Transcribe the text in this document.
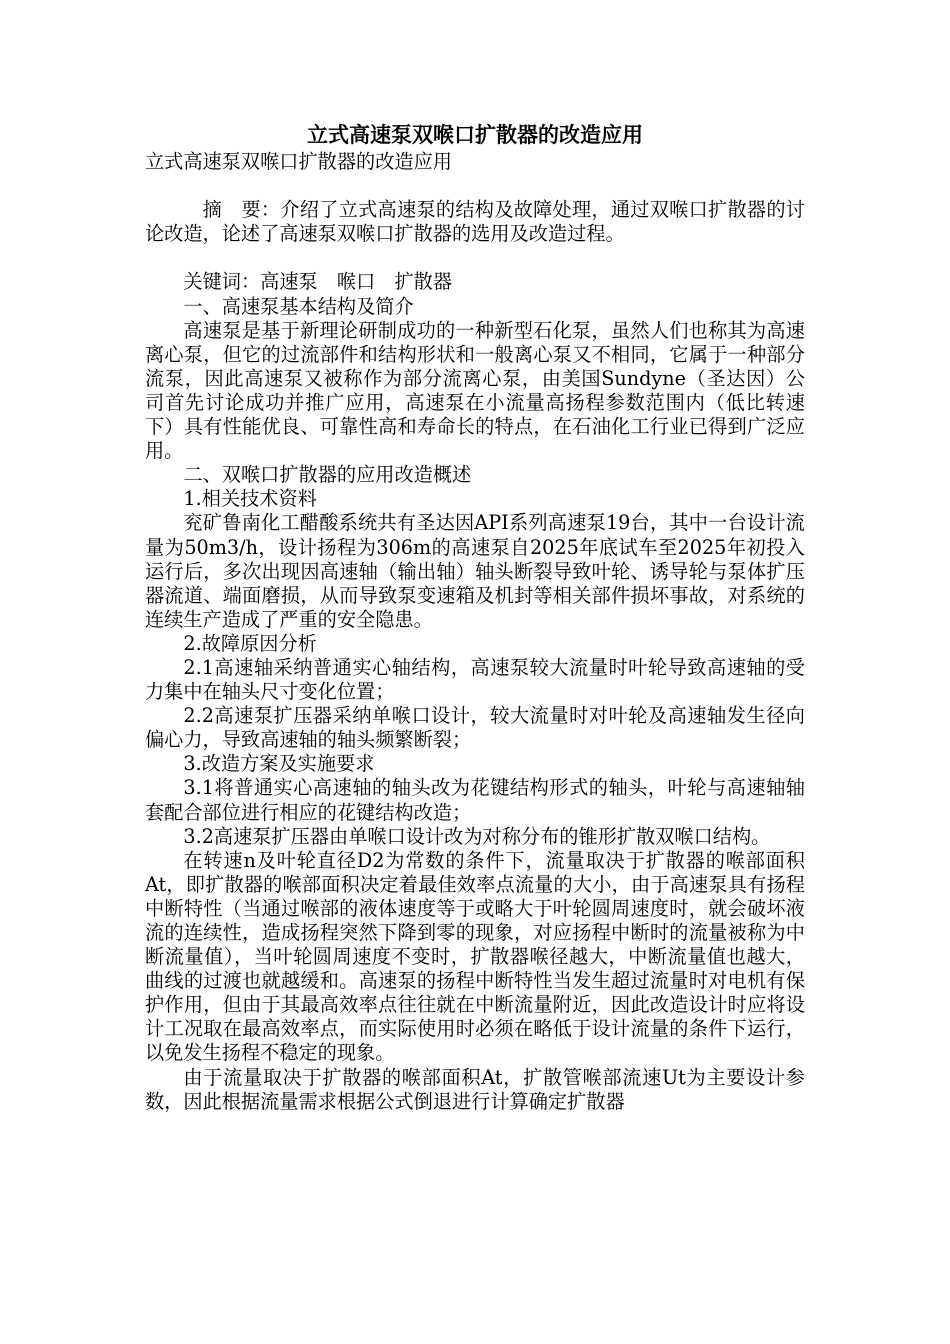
立式高速泵双喉口扩散器的改造应用

立式高速泵双喉口扩散器的改造应用

摘　要：介绍了立式高速泵的结构及故障处理，通过双喉口扩散器的讨论改造，论述了高速泵双喉口扩散器的选用及改造过程。

关键词：高速泵　喉口　扩散器

一、高速泵基本结构及简介

高速泵是基于新理论研制成功的一种新型石化泵，虽然人们也称其为高速离心泵，但它的过流部件和结构形状和一般离心泵又不相同，它属于一种部分流泵，因此高速泵又被称作为部分流离心泵，由美国Sundyne（圣达因）公司首先讨论成功并推广应用，高速泵在小流量高扬程参数范围内（低比转速下）具有性能优良、可靠性高和寿命长的特点，在石油化工行业已得到广泛应用。

二、双喉口扩散器的应用改造概述

1.相关技术资料

兖矿鲁南化工醋酸系统共有圣达因API系列高速泵19台，其中一台设计流量为50m3/h，设计扬程为306m的高速泵自2025年底试车至2025年初投入运行后，多次出现因高速轴（输出轴）轴头断裂导致叶轮、诱导轮与泵体扩压器流道、端面磨损，从而导致泵变速箱及机封等相关部件损坏事故，对系统的连续生产造成了严重的安全隐患。

2.故障原因分析

2.1高速轴采纳普通实心轴结构，高速泵较大流量时叶轮导致高速轴的受力集中在轴头尺寸变化位置；

2.2高速泵扩压器采纳单喉口设计，较大流量时对叶轮及高速轴发生径向偏心力，导致高速轴的轴头频繁断裂；

3.改造方案及实施要求

3.1将普通实心高速轴的轴头改为花键结构形式的轴头，叶轮与高速轴轴套配合部位进行相应的花键结构改造；

3.2高速泵扩压器由单喉口设计改为对称分布的锥形扩散双喉口结构。

在转速n及叶轮直径D2为常数的条件下，流量取决于扩散器的喉部面积At，即扩散器的喉部面积决定着最佳效率点流量的大小，由于高速泵具有扬程中断特性（当通过喉部的液体速度等于或略大于叶轮圆周速度时，就会破坏液流的连续性，造成扬程突然下降到零的现象，对应扬程中断时的流量被称为中断流量值），当叶轮圆周速度不变时，扩散器喉径越大，中断流量值也越大，曲线的过渡也就越缓和。高速泵的扬程中断特性当发生超过流量时对电机有保护作用，但由于其最高效率点往往就在中断流量附近，因此改造设计时应将设计工况取在最高效率点，而实际使用时必须在略低于设计流量的条件下运行，以免发生扬程不稳定的现象。

由于流量取决于扩散器的喉部面积At，扩散管喉部流速Ut为主要设计参数，因此根据流量需求根据公式倒退进行计算确定扩散器
